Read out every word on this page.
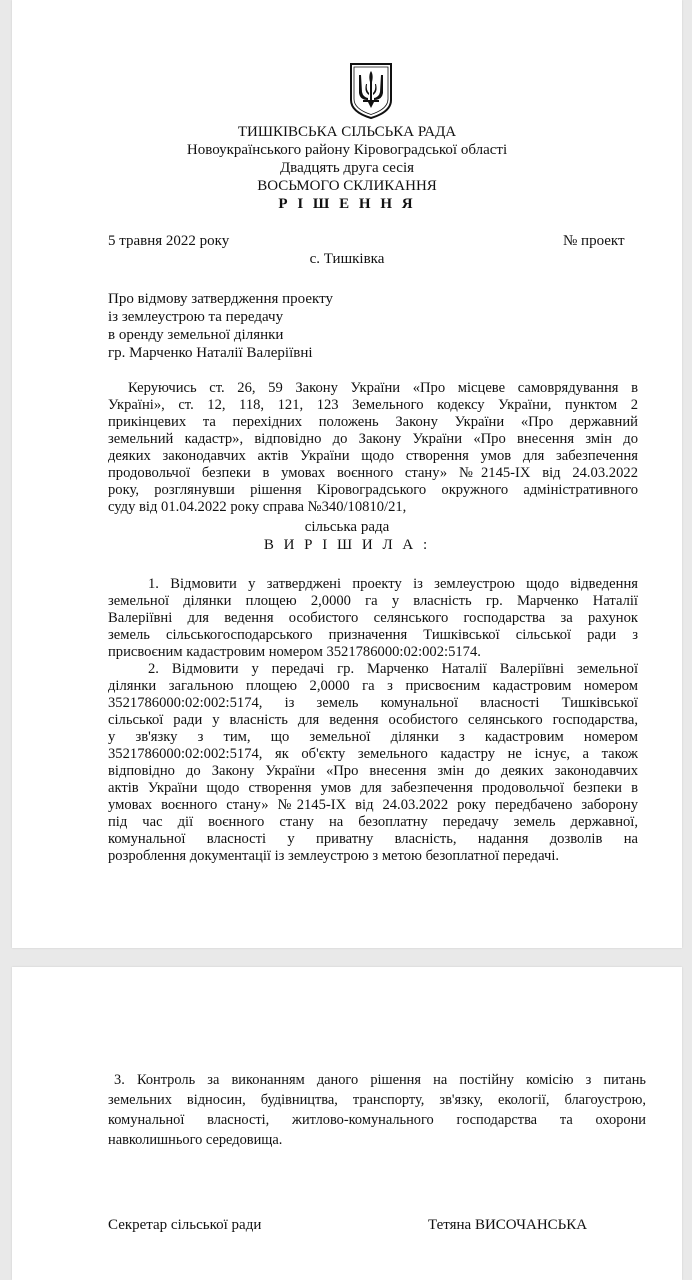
ТИШКІВСЬКА СІЛЬСЬКА РАДА
Новоукраїнського району Кіровоградської області
Двадцять друга сесія
ВОСЬМОГО СКЛИКАННЯ
Р І Ш Е Н Н Я
5 травня 2022 року	№ проект
с. Тишківка
Про відмову затвердження проекту
із землеустрою та передачу
в оренду земельної ділянки
гр. Марченко Наталії Валеріївні
Керуючись ст. 26, 59 Закону України «Про місцеве самоврядування в
Україні», ст. 12, 118, 121, 123 Земельного кодексу України, пунктом 2
прикінцевих та перехідних положень Закону України «Про державний
земельний кадастр», відповідно до Закону України «Про внесення змін до
деяких законодавчих актів України щодо створення умов для забезпечення
продовольчої безпеки в умовах воєнного стану» №2145-IX від 24.03.2022
року, розглянувши рішення Кіровоградського окружного адміністративного
суду від 01.04.2022 року справа №340/10810/21,
сільська рада
В И Р І Ш И Л А :
1. Відмовити у затверджені проекту із землеустрою щодо відведення
земельної ділянки площею 2,0000 га у власність гр. Марченко Наталії
Валеріївні для ведення особистого селянського господарства за рахунок
земель сільськогосподарського призначення Тишківської сільської ради з
присвоєним кадастровим номером 3521786000:02:002:5174.
2. Відмовити у передачі гр. Марченко Наталії Валеріївні земельної
ділянки загальною площею 2,0000 га з присвоєним кадастровим номером
3521786000:02:002:5174, із земель комунальної власності Тишківської
сільської ради у власність для ведення особистого селянського господарства,
у зв'язку з тим, що земельної ділянки з кадастровим номером
3521786000:02:002:5174, як об'єкту земельного кадастру не існує, а також
відповідно до Закону України «Про внесення змін до деяких законодавчих
актів України щодо створення умов для забезпечення продовольчої безпеки в
умовах воєнного стану» №2145-IX від 24.03.2022 року передбачено заборону
під час дії воєнного стану на безоплатну передачу земель державної,
комунальної власності у приватну власність, надання дозволів на
розроблення документації із землеустрою з метою безоплатної передачі.
3. Контроль за виконанням даного рішення на постійну комісію з питань
земельних відносин, будівництва, транспорту, зв'язку, екології, благоустрою,
комунальної власності, житлово-комунального господарства та охорони
навколишнього середовища.
Секретар сільської ради	Тетяна ВИСОЧАНСЬКА
